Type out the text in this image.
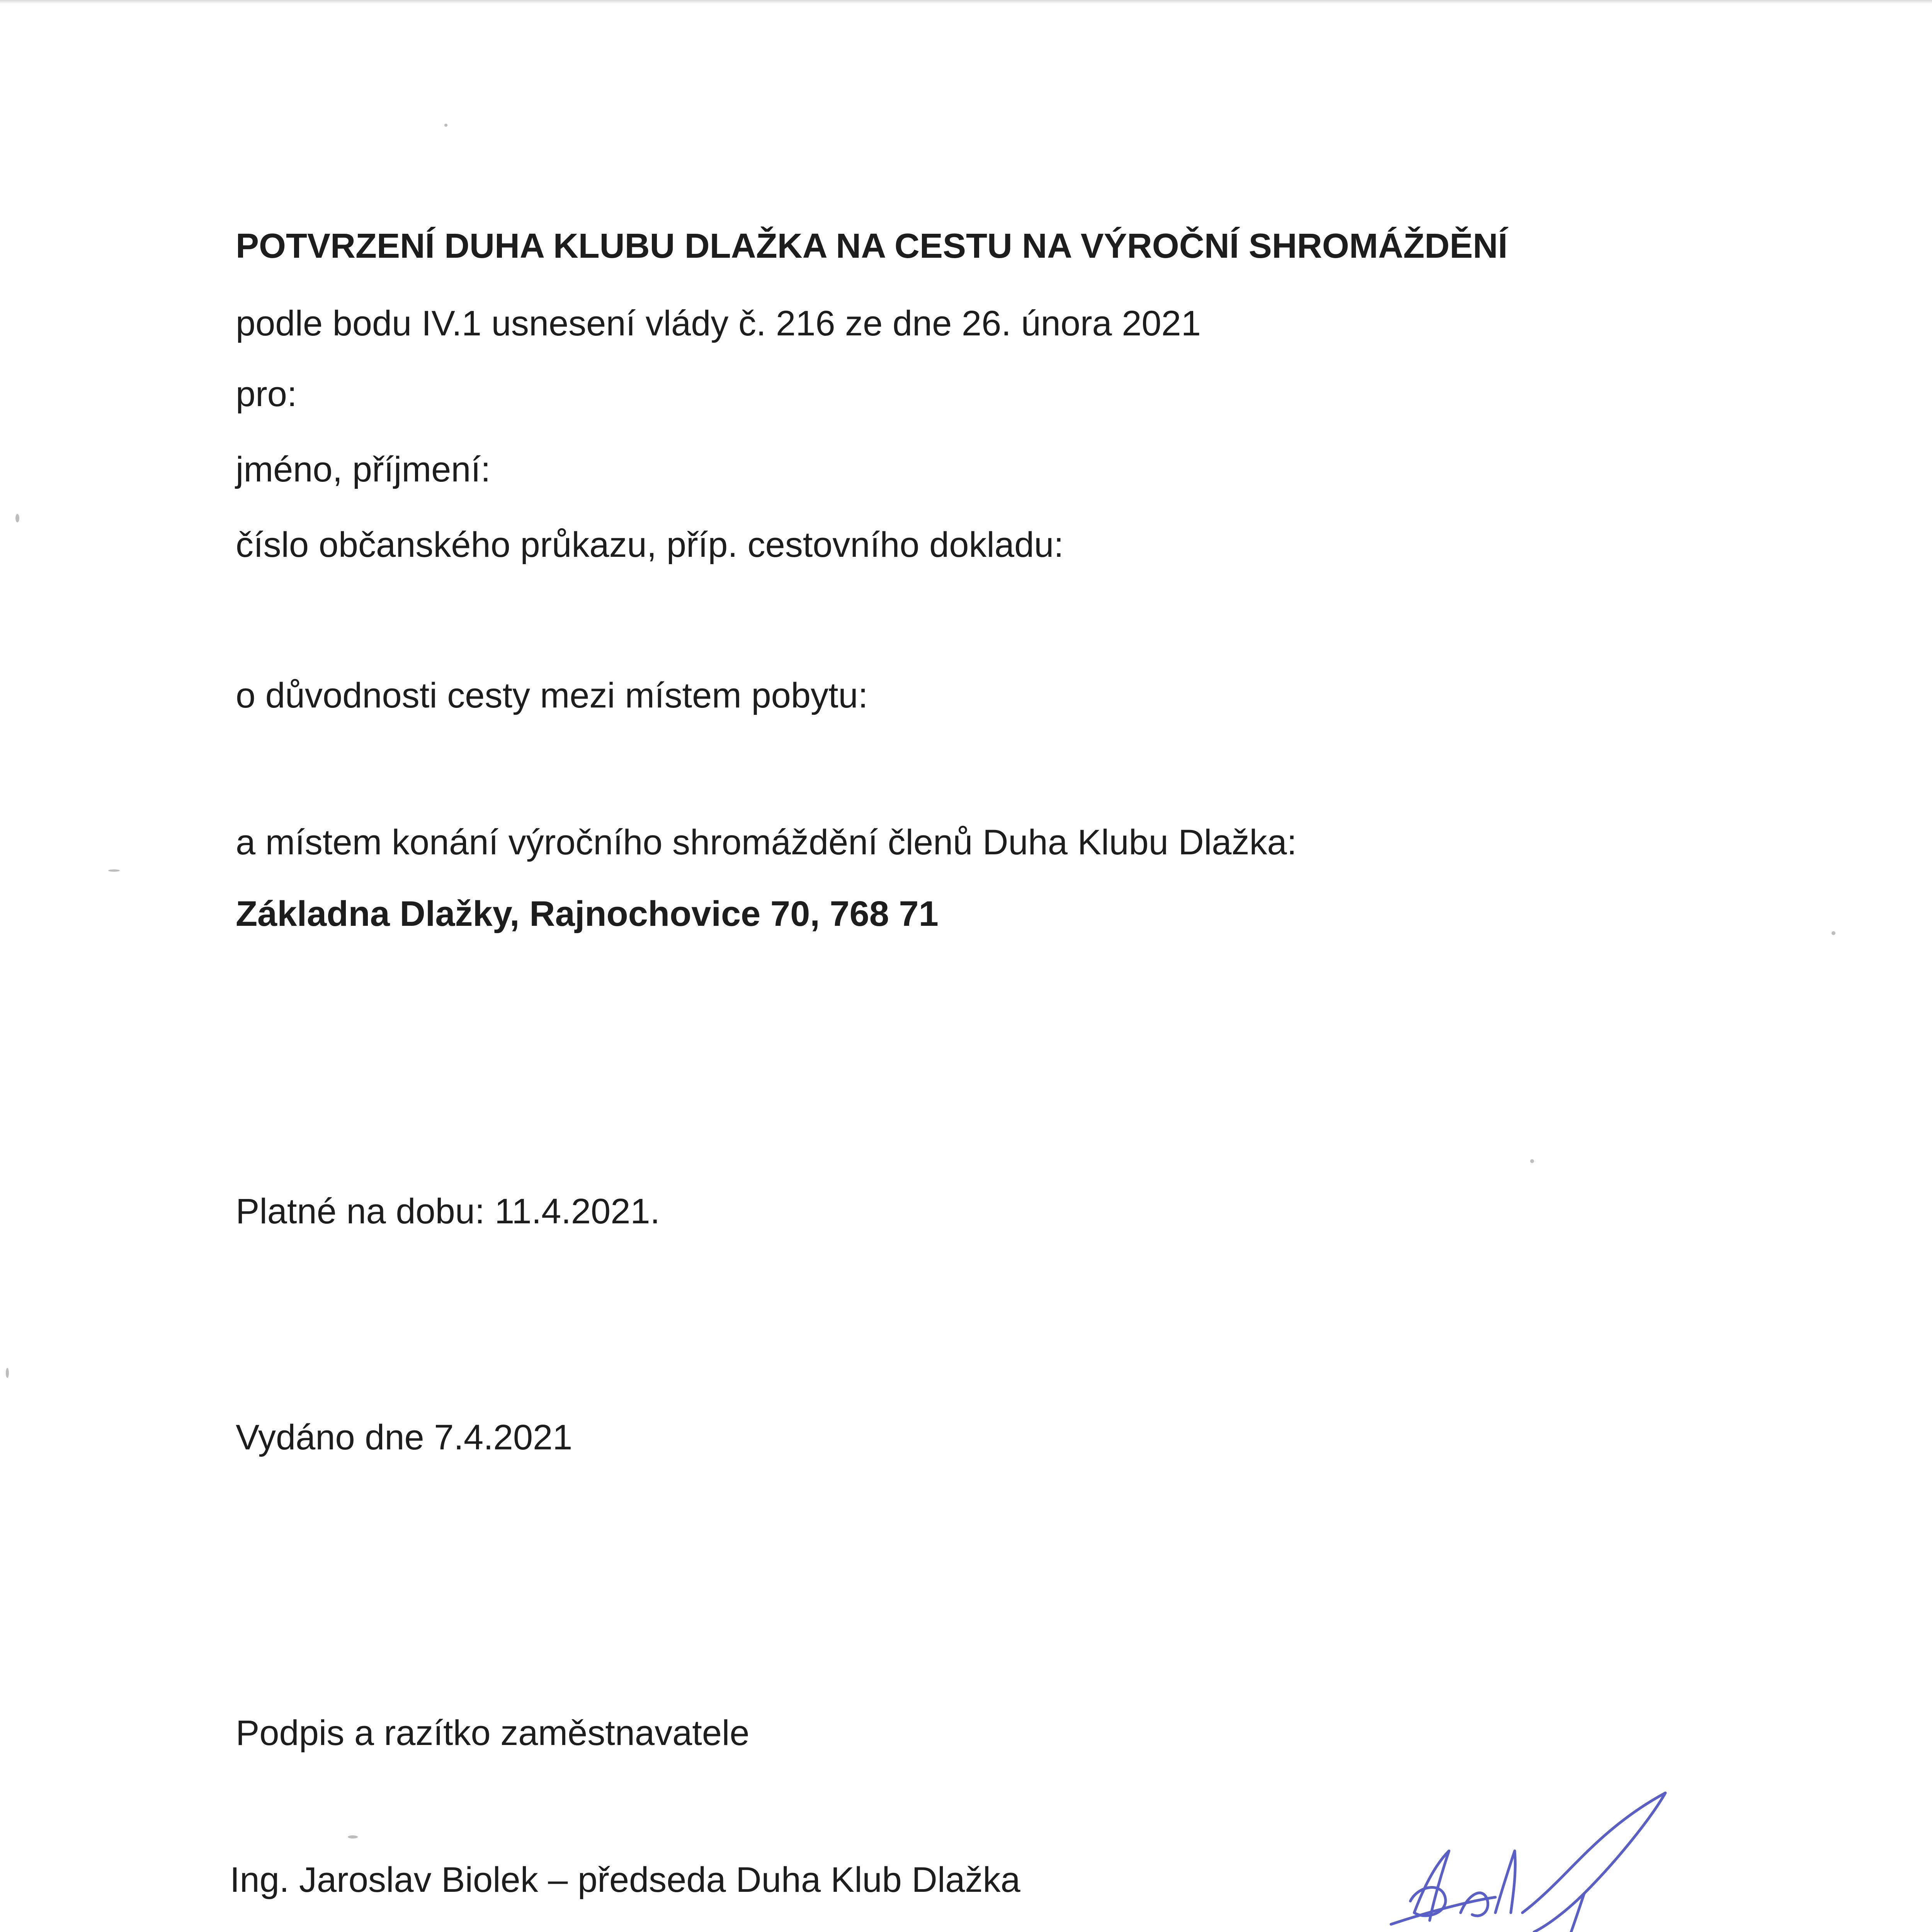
POTVRZENÍ DUHA KLUBU DLAŽKA NA CESTU NA VÝROČNÍ SHROMÁŽDĚNÍ
podle bodu IV.1 usnesení vlády č. 216 ze dne 26. února 2021
pro:
jméno, příjmení:
číslo občanského průkazu, příp. cestovního dokladu:
o důvodnosti cesty mezi místem pobytu:
a místem konání výročního shromáždění členů Duha Klubu Dlažka:
Základna Dlažky, Rajnochovice 70, 768 71
Platné na dobu: 11.4.2021.
Vydáno dne 7.4.2021
Podpis a razítko zaměstnavatele
Ing. Jaroslav Biolek – předseda Duha Klub Dlažka
